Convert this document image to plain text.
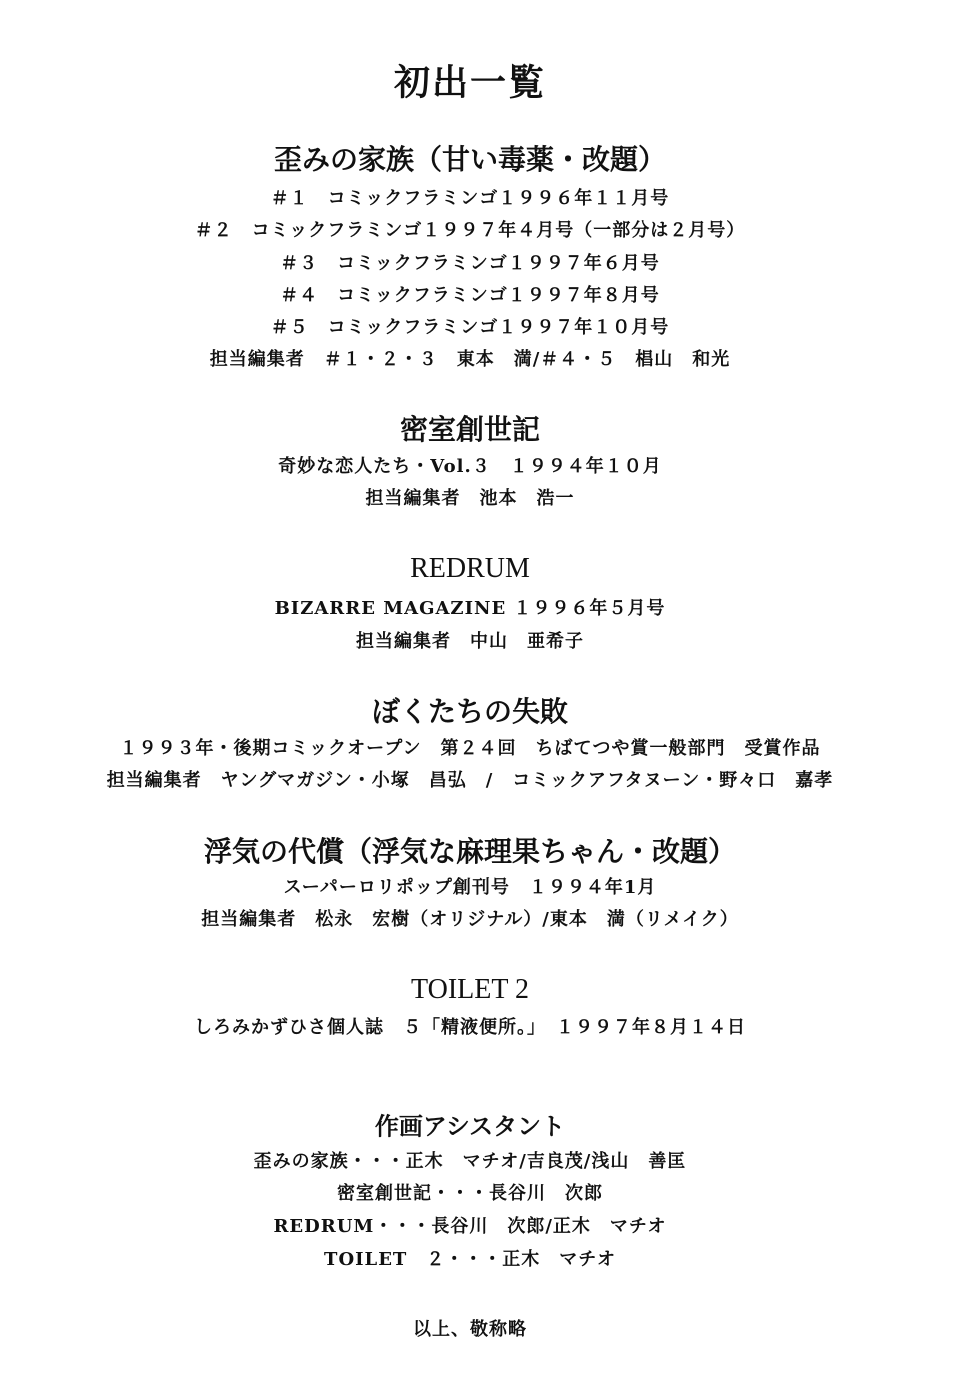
初出一覧
歪みの家族（甘い毒薬・改題）
＃１　コミックフラミンゴ１９９６年１１月号
＃２　コミックフラミンゴ１９９７年４月号（一部分は２月号）
＃３　コミックフラミンゴ１９９７年６月号
＃４　コミックフラミンゴ１９９７年８月号
＃５　コミックフラミンゴ１９９７年１０月号
担当編集者　＃１・２・３　東本　満/＃４・５　椙山　和光
密室創世記
奇妙な恋人たち・Vol.３　１９９４年１０月
担当編集者　池本　浩一
REDRUM
BIZARRE MAGAZINE １９９６年５月号
担当編集者　中山　亜希子
ぼくたちの失敗
１９９３年・後期コミックオープン　第２４回　ちばてつや賞一般部門　受賞作品
担当編集者　ヤングマガジン・小塚　昌弘　/　コミックアフタヌーン・野々口　嘉孝
浮気の代償（浮気な麻理果ちゃん・改題）
スーパーロリポップ創刊号　１９９４年1月
担当編集者　松永　宏樹（オリジナル）/東本　満（リメイク）
TOILET 2
しろみかずひさ個人誌　５「精液便所。」　１９９７年８月１４日
作画アシスタント
歪みの家族・・・正木　マチオ/吉良茂/浅山　善匡
密室創世記・・・長谷川　次郎
REDRUM・・・長谷川　次郎/正木　マチオ
TOILET　２・・・正木　マチオ
以上、敬称略
